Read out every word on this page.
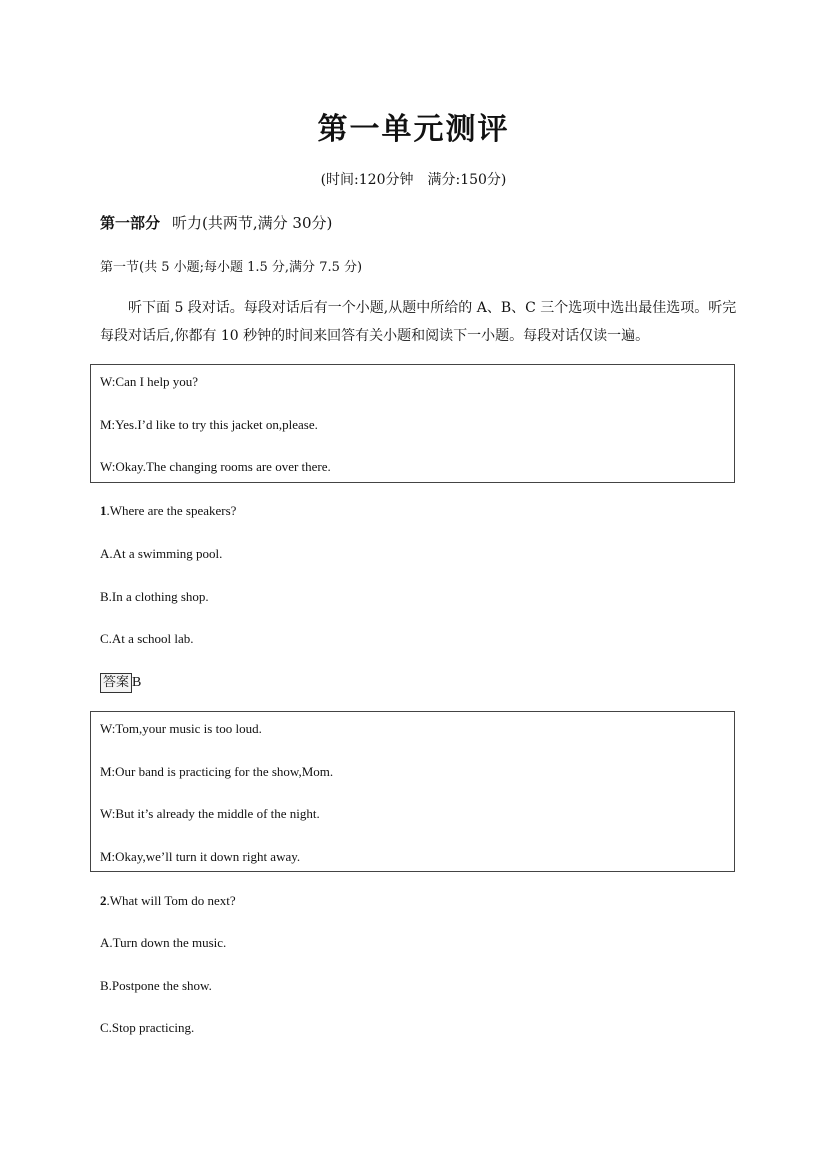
第一单元测评
(时间:120分钟　满分:150分)
第一部分 听力(共两节,满分 30分)
第一节(共 5 小题;每小题 1.5 分,满分 7.5 分)
听下面 5 段对话。每段对话后有一个小题,从题中所给的 A、B、C 三个选项中选出最佳选项。听完每段对话后,你都有 10 秒钟的时间来回答有关小题和阅读下一小题。每段对话仅读一遍。
W:Can I help you?
M:Yes.I’d like to try this jacket on,please.
W:Okay.The changing rooms are over there.
1.Where are the speakers?
A.At a swimming pool.
B.In a clothing shop.
C.At a school lab.
答案 B
W:Tom,your music is too loud.
M:Our band is practicing for the show,Mom.
W:But it’s already the middle of the night.
M:Okay,we’ll turn it down right away.
2.What will Tom do next?
A.Turn down the music.
B.Postpone the show.
C.Stop practicing.
